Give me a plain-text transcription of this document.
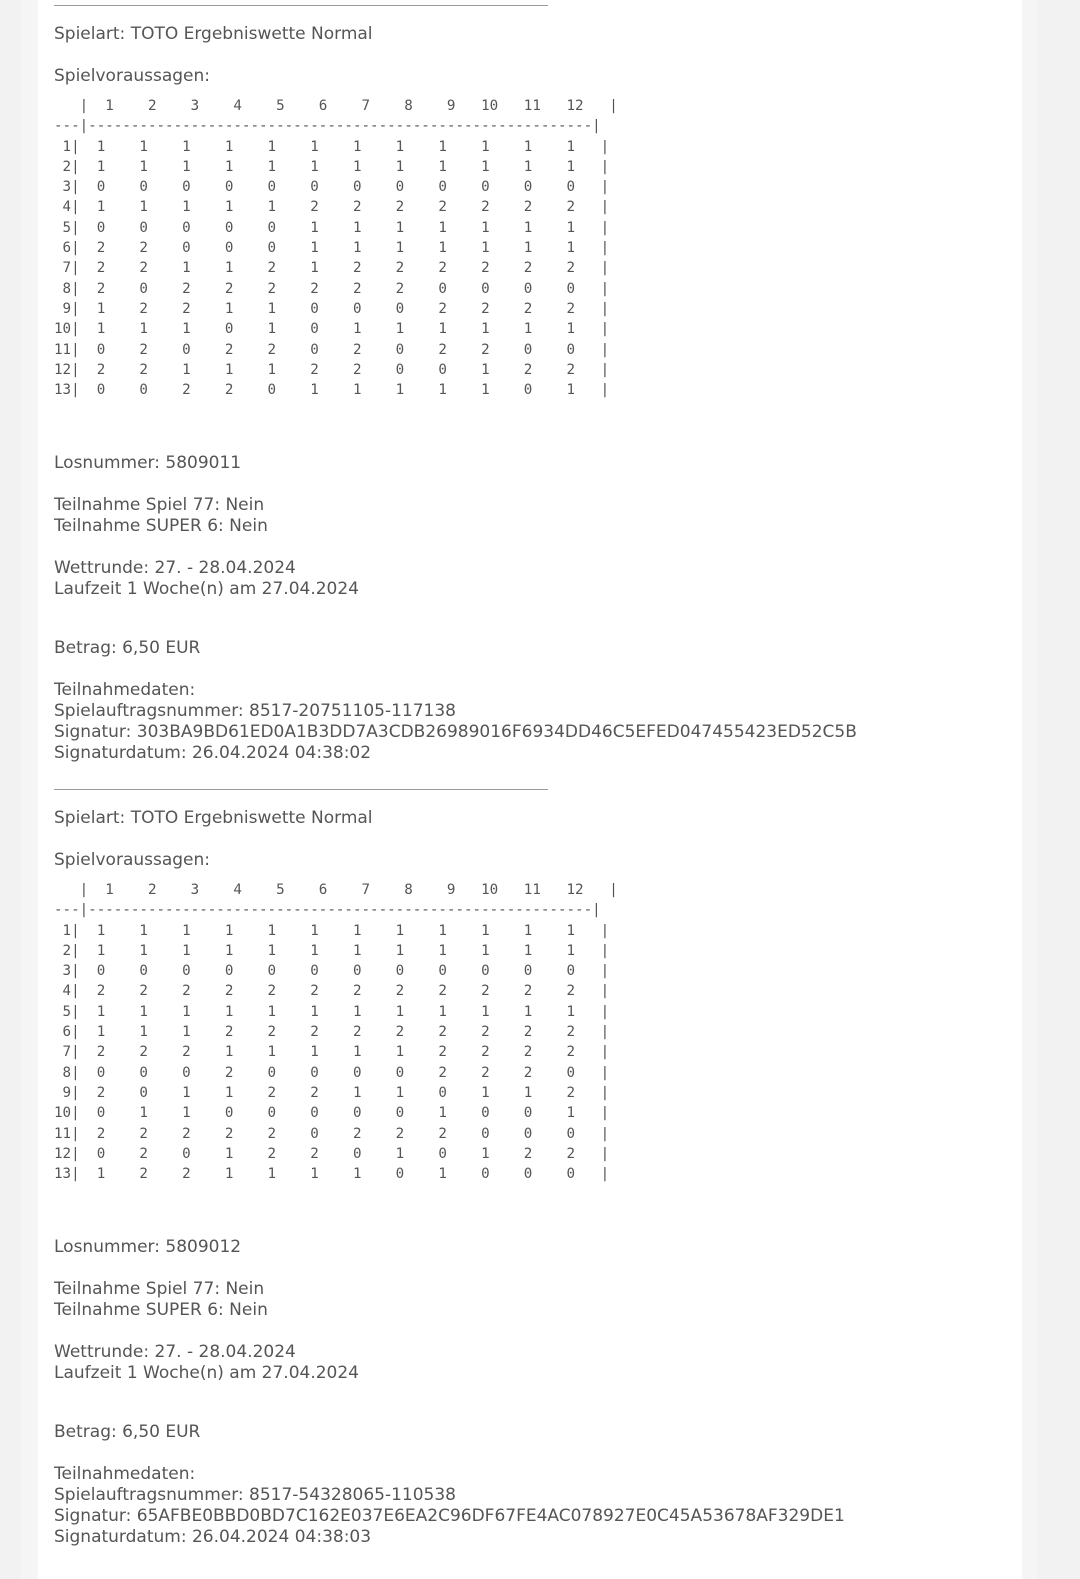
Spielart: TOTO Ergebniswette Normal

Spielvoraussagen:

|  1    2    3    4    5    6    7    8    9   10   11   12   |
---|-----------------------------------------------------------|
1|  1    1    1    1    1    1    1    1    1    1    1    1   |
2|  1    1    1    1    1    1    1    1    1    1    1    1   |
3|  0    0    0    0    0    0    0    0    0    0    0    0   |
4|  1    1    1    1    1    2    2    2    2    2    2    2   |
5|  0    0    0    0    0    1    1    1    1    1    1    1   |
6|  2    2    0    0    0    1    1    1    1    1    1    1   |
7|  2    2    1    1    2    1    2    2    2    2    2    2   |
8|  2    0    2    2    2    2    2    2    0    0    0    0   |
9|  1    2    2    1    1    0    0    0    2    2    2    2   |
10|  1    1    1    0    1    0    1    1    1    1    1    1   |
11|  0    2    0    2    2    0    2    0    2    2    0    0   |
12|  2    2    1    1    1    2    2    0    0    1    2    2   |
13|  0    0    2    2    0    1    1    1    1    1    0    1   |

Losnummer: 5809011

Teilnahme Spiel 77: Nein

Teilnahme SUPER 6: Nein

Wettrunde: 27. - 28.04.2024

Laufzeit 1 Woche(n) am 27.04.2024

Betrag: 6,50 EUR

Teilnahmedaten:

Spielauftragsnummer: 8517-20751105-117138

Signatur: 303BA9BD61ED0A1B3DD7A3CDB26989016F6934DD46C5EFED047455423ED52C5B

Signaturdatum: 26.04.2024 04:38:02

Spielart: TOTO Ergebniswette Normal

Spielvoraussagen:

|  1    2    3    4    5    6    7    8    9   10   11   12   |
---|-----------------------------------------------------------|
1|  1    1    1    1    1    1    1    1    1    1    1    1   |
2|  1    1    1    1    1    1    1    1    1    1    1    1   |
3|  0    0    0    0    0    0    0    0    0    0    0    0   |
4|  2    2    2    2    2    2    2    2    2    2    2    2   |
5|  1    1    1    1    1    1    1    1    1    1    1    1   |
6|  1    1    1    2    2    2    2    2    2    2    2    2   |
7|  2    2    2    1    1    1    1    1    2    2    2    2   |
8|  0    0    0    2    0    0    0    0    2    2    2    0   |
9|  2    0    1    1    2    2    1    1    0    1    1    2   |
10|  0    1    1    0    0    0    0    0    1    0    0    1   |
11|  2    2    2    2    2    0    2    2    2    0    0    0   |
12|  0    2    0    1    2    2    0    1    0    1    2    2   |
13|  1    2    2    1    1    1    1    0    1    0    0    0   |

Losnummer: 5809012

Teilnahme Spiel 77: Nein

Teilnahme SUPER 6: Nein

Wettrunde: 27. - 28.04.2024

Laufzeit 1 Woche(n) am 27.04.2024

Betrag: 6,50 EUR

Teilnahmedaten:

Spielauftragsnummer: 8517-54328065-110538

Signatur: 65AFBE0BBD0BD7C162E037E6EA2C96DF67FE4AC078927E0C45A53678AF329DE1

Signaturdatum: 26.04.2024 04:38:03
